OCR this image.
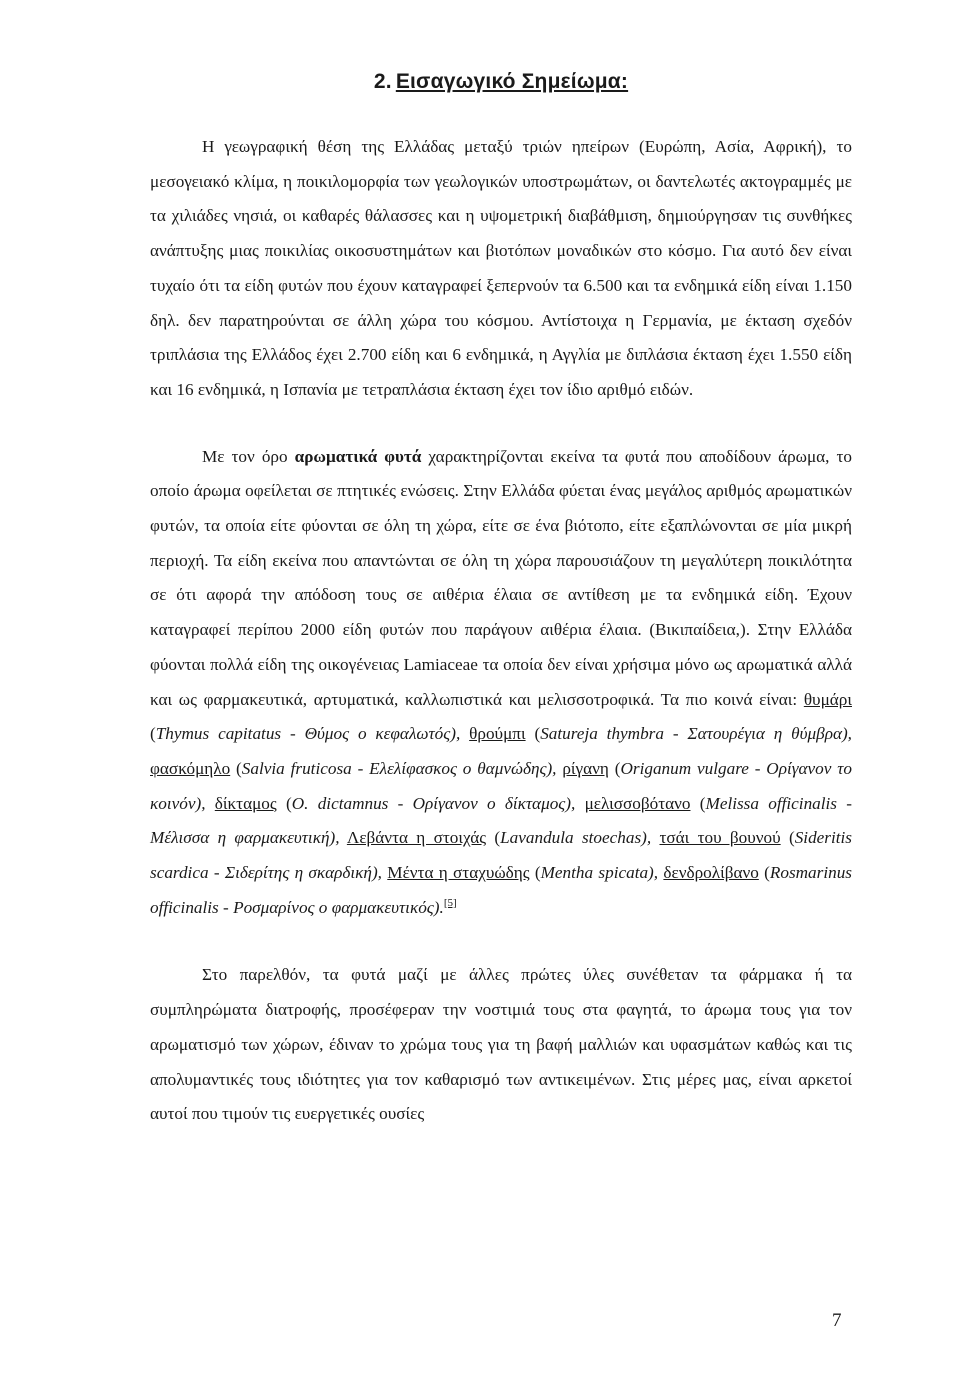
2. Εισαγωγικό Σημείωμα:

Η γεωγραφική θέση της Ελλάδας μεταξύ τριών ηπείρων (Ευρώπη, Ασία, Αφρική), το μεσογειακό κλίμα, η ποικιλομορφία των γεωλογικών υποστρωμάτων, οι δαντελωτές ακτογραμμές με τα χιλιάδες νησιά, οι καθαρές θάλασσες και η υψομετρική διαβάθμιση, δημιούργησαν τις συνθήκες ανάπτυξης μιας ποικιλίας οικοσυστημάτων και βιοτόπων μοναδικών στο κόσμο. Για αυτό δεν είναι τυχαίο ότι τα είδη φυτών που έχουν καταγραφεί ξεπερνούν τα 6.500 και τα ενδημικά είδη είναι 1.150 δηλ. δεν παρατηρούνται σε άλλη χώρα του κόσμου. Αντίστοιχα η Γερμανία, με έκταση σχεδόν τριπλάσια της Ελλάδος έχει 2.700 είδη και 6 ενδημικά, η Αγγλία με διπλάσια έκταση έχει 1.550 είδη και 16 ενδημικά, η Ισπανία με τετραπλάσια έκταση έχει τον ίδιο αριθμό ειδών.

Με τον όρο αρωματικά φυτά χαρακτηρίζονται εκείνα τα φυτά που αποδίδουν άρωμα, το οποίο άρωμα οφείλεται σε πτητικές ενώσεις. Στην Ελλάδα φύεται ένας μεγάλος αριθμός αρωματικών φυτών, τα οποία είτε φύονται σε όλη τη χώρα, είτε σε ένα βιότοπο, είτε εξαπλώνονται σε μία μικρή περιοχή. Τα είδη εκείνα που απαντώνται σε όλη τη χώρα παρουσιάζουν τη μεγαλύτερη ποικιλότητα σε ότι αφορά την απόδοση τους σε αιθέρια έλαια σε αντίθεση με τα ενδημικά είδη. Έχουν καταγραφεί περίπου 2000 είδη φυτών που παράγουν αιθέρια έλαια. (Βικιπαίδεια,). Στην Ελλάδα φύονται πολλά είδη της οικογένειας Lamiaceae τα οποία δεν είναι χρήσιμα μόνο ως αρωματικά αλλά και ως φαρμακευτικά, αρτυματικά, καλλωπιστικά και μελισσοτροφικά. Τα πιο κοινά είναι: θυμάρι (Thymus capitatus - Θύμος ο κεφαλωτός), θρούμπι (Satureja thymbra - Σατουρέγια η θύμβρα), φασκόμηλο (Salvia fruticosa - Ελελίφασκος ο θαμνώδης), ρίγανη (Origanum vulgare - Ορίγανον το κοινόν), δίκταμος (O. dictamnus - Ορίγανον ο δίκταμος), μελισσοβότανο (Melissa officinalis - Μέλισσα η φαρμακευτική), Λεβάντα η στοιχάς (Lavandula stoechas), τσάι του βουνού (Sideritis scardica - Σιδερίτης η σκαρδική), Μέντα η σταχυώδης (Mentha spicata), δενδρολίβανο (Rosmarinus officinalis - Ροσμαρίνος ο φαρμακευτικός).[5]

Στο παρελθόν, τα φυτά μαζί με άλλες πρώτες ύλες συνέθεταν τα φάρμακα ή τα συμπληρώματα διατροφής, προσέφεραν την νοστιμιά τους στα φαγητά, το άρωμα τους για τον αρωματισμό των χώρων, έδιναν το χρώμα τους για τη βαφή μαλλιών και υφασμάτων καθώς και τις απολυμαντικές τους ιδιότητες για τον καθαρισμό των αντικειμένων. Στις μέρες μας, είναι αρκετοί αυτοί που τιμούν τις ευεργετικές ουσίες

7
